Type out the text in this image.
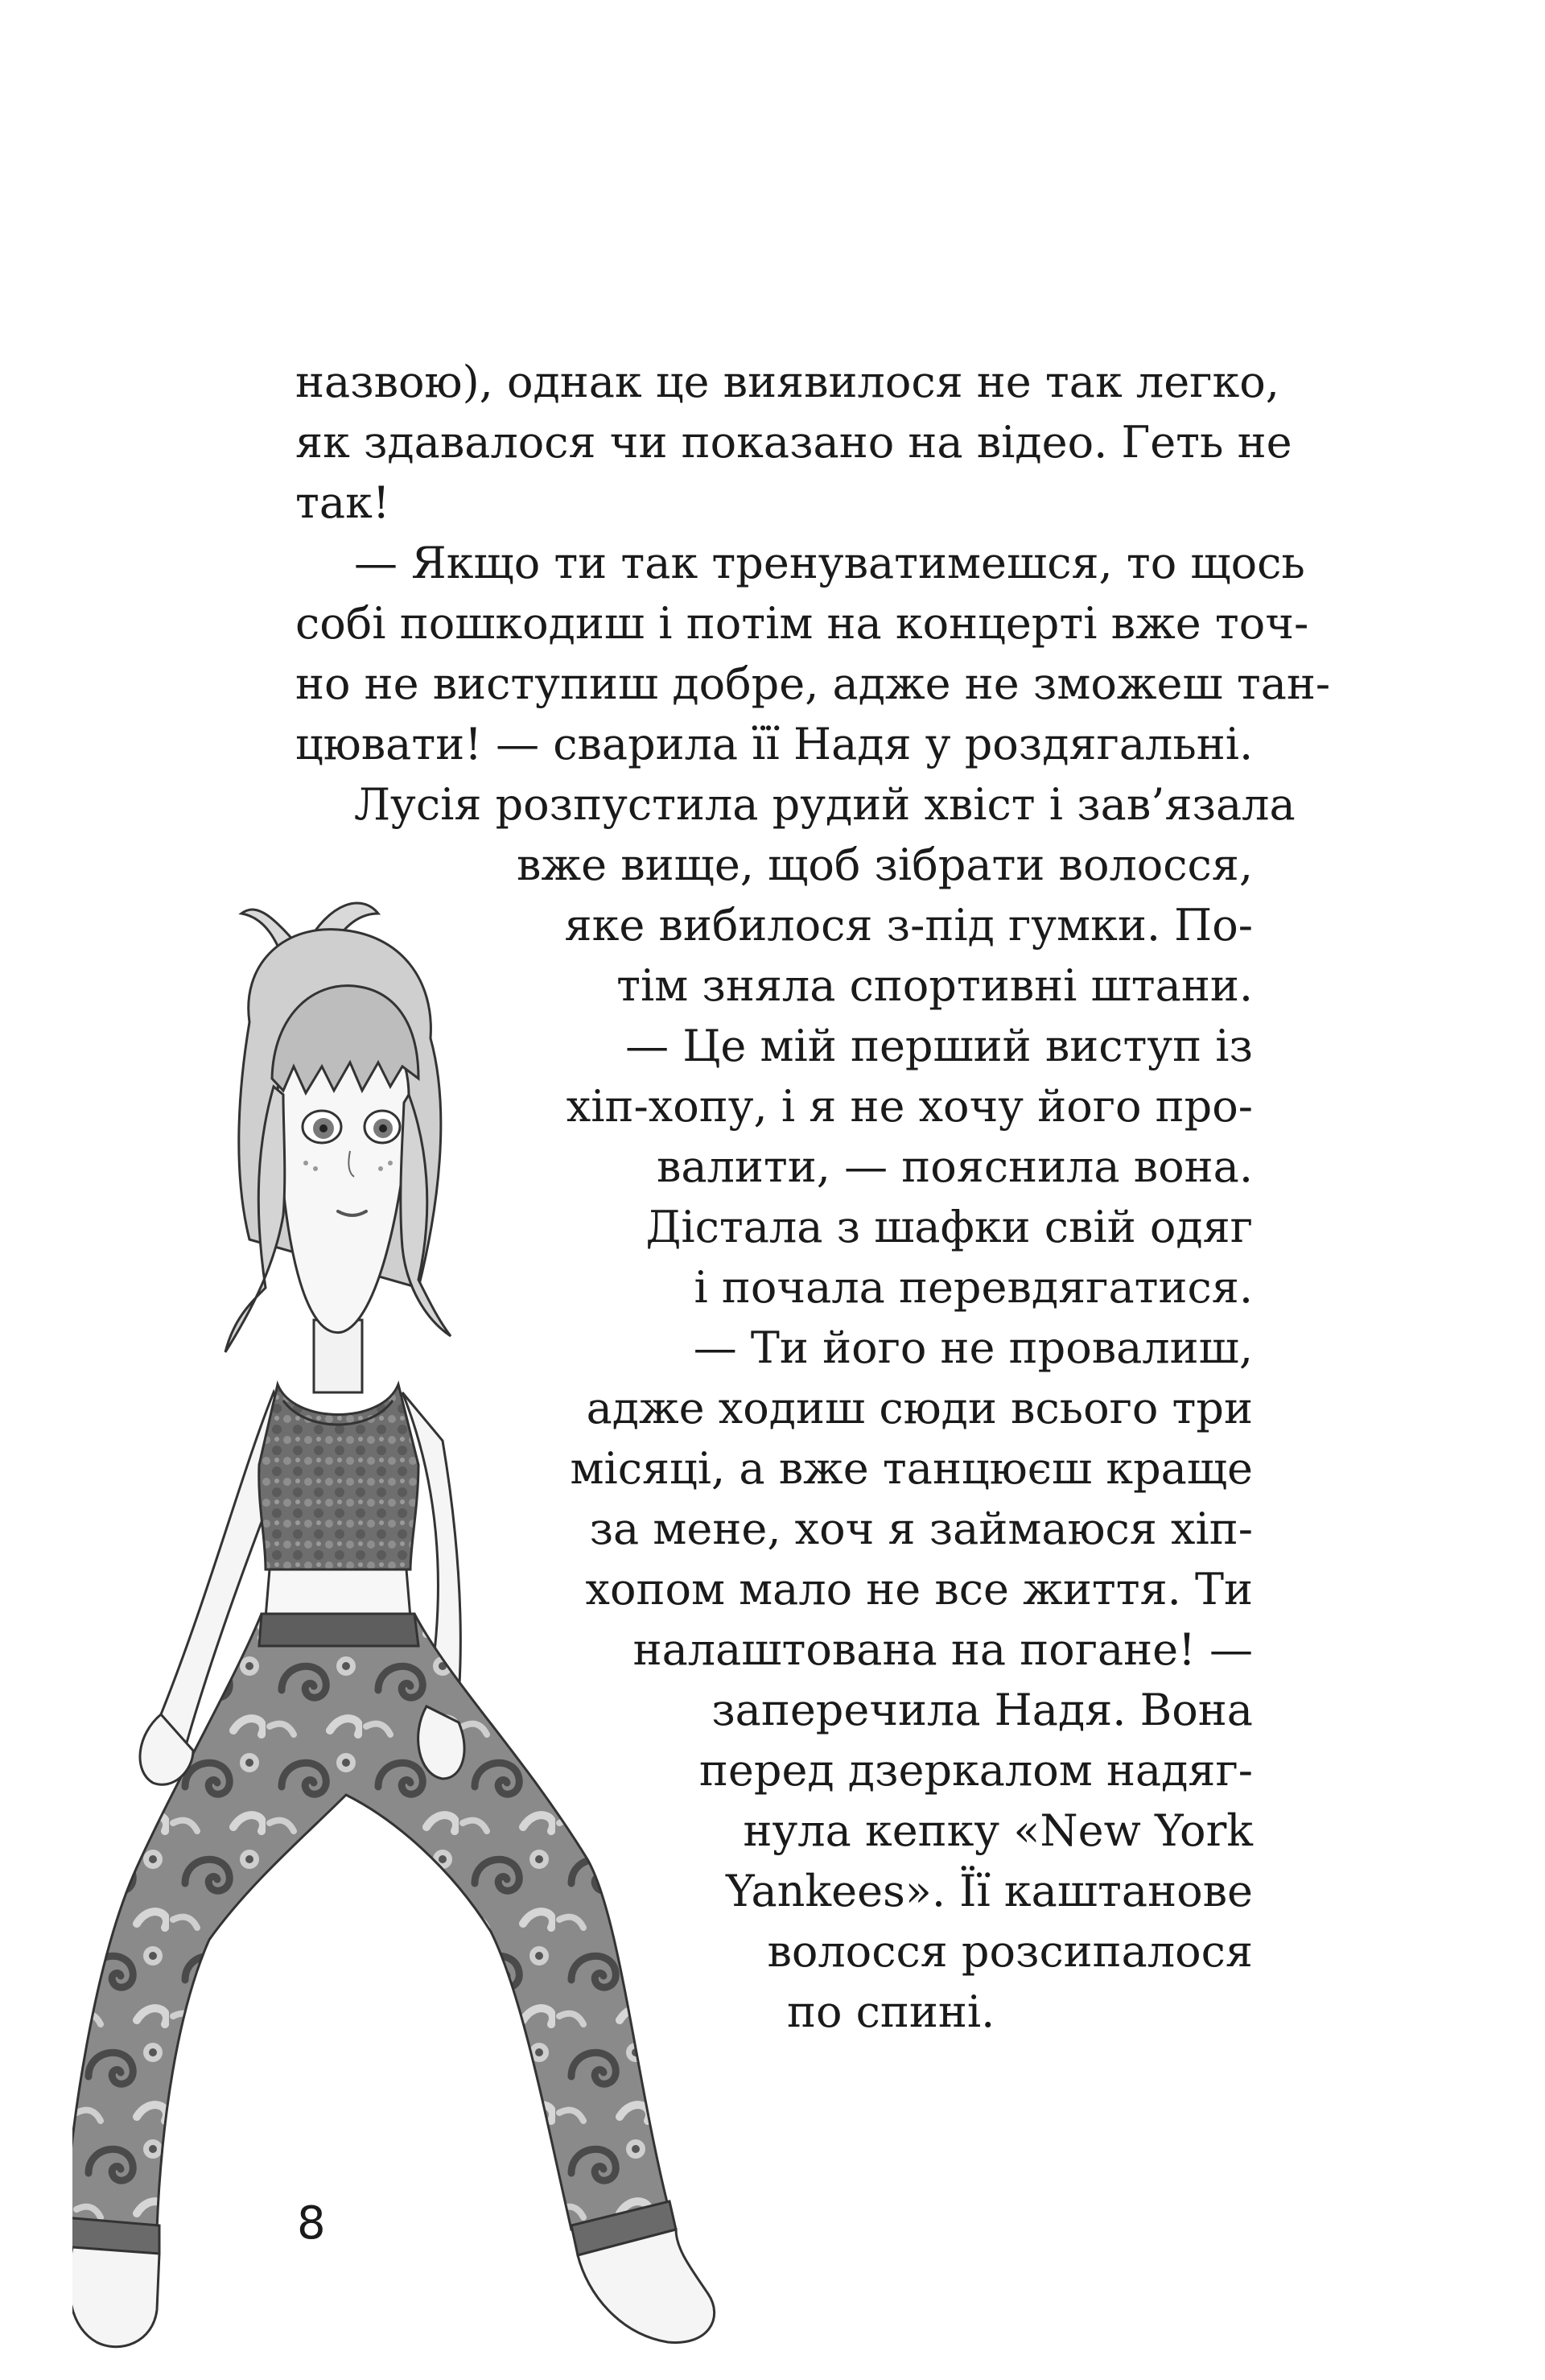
назвою), однак це виявилося не так легко,
як здавалося чи показано на відео. Геть не
так!
— Якщо ти так тренуватимешся, то щось
собі пошкодиш і потім на концерті вже точ-
но не виступиш добре, адже не зможеш тан-
цювати! — сварила її Надя у роздягальні.
Лусія розпустила рудий хвіст і зав’язала
вже вище, щоб зібрати волосся,
яке вибилося з-під гумки. По-
тім зняла спортивні штани.
— Це мій перший виступ із
хіп-хопу, і я не хочу його про-
валити, — пояснила вона.
Дістала з шафки свій одяг
і почала перевдягатися.
— Ти його не провалиш,
адже ходиш сюди всього три
місяці, а вже танцюєш краще
за мене, хоч я займаюся хіп-
хопом мало не все життя. Ти
налаштована на погане! —
заперечила Надя. Вона
перед дзеркалом надяг-
нула кепку «New York
Yankees». Її каштанове
волосся розсипалося
по спині.
8
